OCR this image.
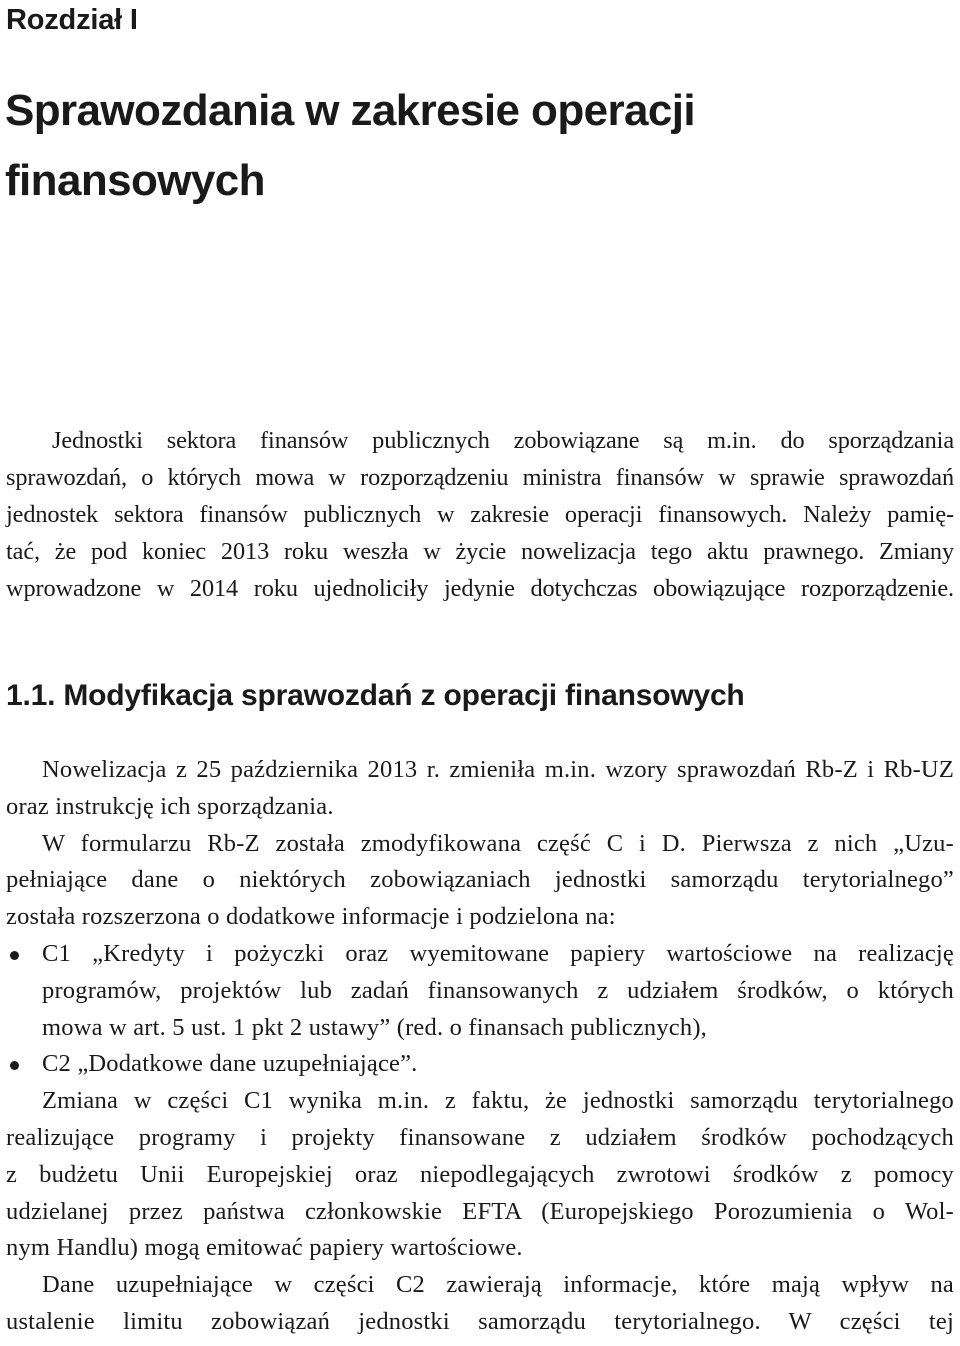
Rozdział I

Sprawozdania w zakresie operacji
finansowych
Jednostki sektora finansów publicznych zobowiązane są m.in. do sporządzania
sprawozdań, o których mowa w rozporządzeniu ministra finansów w sprawie sprawozdań
jednostek sektora finansów publicznych w zakresie operacji finansowych. Należy pamię-
tać, że pod koniec 2013 roku weszła w życie nowelizacja tego aktu prawnego. Zmiany
wprowadzone w 2014 roku ujednoliciły jedynie dotychczas obowiązujące rozporządzenie.
1.1. Modyfikacja sprawozdań z operacji finansowych
Nowelizacja z 25 października 2013 r. zmieniła m.in. wzory sprawozdań Rb-Z i Rb-UZ
oraz instrukcję ich sporządzania.
W formularzu Rb-Z została zmodyfikowana część C i D. Pierwsza z nich „Uzu-
pełniające dane o niektórych zobowiązaniach jednostki samorządu terytorialnego”
została rozszerzona o dodatkowe informacje i podzielona na:
C1 „Kredyty i pożyczki oraz wyemitowane papiery wartościowe na realizację
programów, projektów lub zadań finansowanych z udziałem środków, o których
mowa w art. 5 ust. 1 pkt 2 ustawy” (red. o finansach publicznych),
C2 „Dodatkowe dane uzupełniające”.
Zmiana w części C1 wynika m.in. z faktu, że jednostki samorządu terytorialnego
realizujące programy i projekty finansowane z udziałem środków pochodzących
z budżetu Unii Europejskiej oraz niepodlegających zwrotowi środków z pomocy
udzielanej przez państwa członkowskie EFTA (Europejskiego Porozumienia o Wol-
nym Handlu) mogą emitować papiery wartościowe.
Dane uzupełniające w części C2 zawierają informacje, które mają wpływ na
ustalenie limitu zobowiązań jednostki samorządu terytorialnego. W części tej
